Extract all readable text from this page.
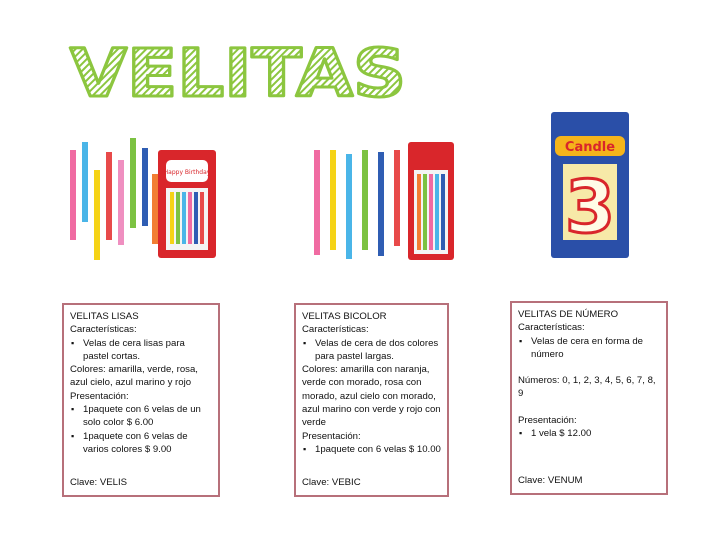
VELITAS
Happy Birthday
Candle
3
VELITAS LISAS
Características:
▪ Velas de cera lisas para pastel cortas.
Colores: amarilla, verde, rosa, azul cielo, azul marino y rojo
Presentación:
▪ 1paquete con 6 velas de un solo color $ 6.00
▪ 1paquete con 6 velas de varios colores $ 9.00
Clave: VELIS
VELITAS BICOLOR
Características:
▪ Velas de cera de dos colores para pastel largas.
Colores: amarilla con naranja, verde con morado, rosa con morado, azul cielo con morado, azul marino con verde y rojo con verde
Presentación:
▪ 1paquete con 6 velas $ 10.00
Clave: VEBIC
VELITAS DE NÚMERO
Características:
▪ Velas de cera en forma de número
Números: 0, 1, 2, 3, 4, 5, 6, 7, 8, 9
Presentación:
▪ 1 vela $ 12.00
Clave: VENUM
